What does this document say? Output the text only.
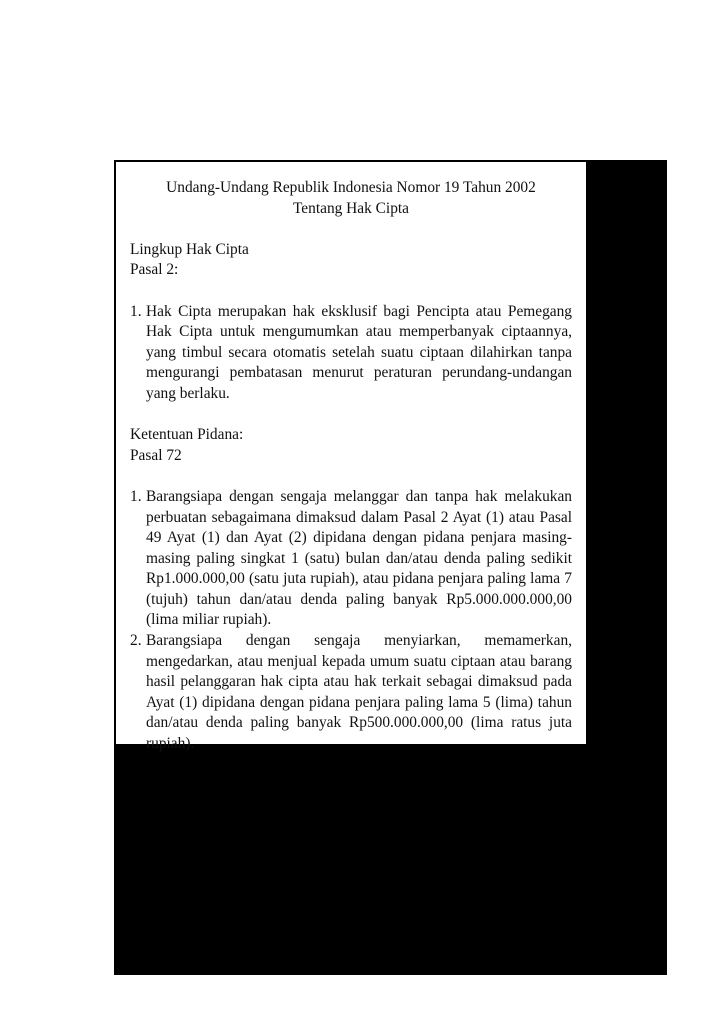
Undang-Undang Republik Indonesia Nomor 19 Tahun 2002
Tentang Hak Cipta
Lingkup Hak Cipta
Pasal 2:
1. Hak Cipta merupakan hak eksklusif bagi Pencipta atau Pemegang Hak Cipta untuk mengumumkan atau memperbanyak ciptaannya, yang timbul secara otomatis setelah suatu ciptaan dilahirkan tanpa mengurangi pembatasan menurut peraturan perundang-undangan yang berlaku.
Ketentuan Pidana:
Pasal 72
1. Barangsiapa dengan sengaja melanggar dan tanpa hak melakukan perbuatan sebagaimana dimaksud dalam Pasal 2 Ayat (1) atau Pasal 49 Ayat (1) dan Ayat (2) dipidana dengan pidana penjara masing-masing paling singkat 1 (satu) bulan dan/atau denda paling sedikit Rp1.000.000,00 (satu juta rupiah), atau pidana penjara paling lama 7 (tujuh) tahun dan/atau denda paling banyak Rp5.000.000.000,00 (lima miliar rupiah).
2. Barangsiapa dengan sengaja menyiarkan, memamerkan, mengedarkan, atau menjual kepada umum suatu ciptaan atau barang hasil pelanggaran hak cipta atau hak terkait sebagai dimaksud pada Ayat (1) dipidana dengan pidana penjara paling lama 5 (lima) tahun dan/atau denda paling banyak Rp500.000.000,00 (lima ratus juta rupiah).
